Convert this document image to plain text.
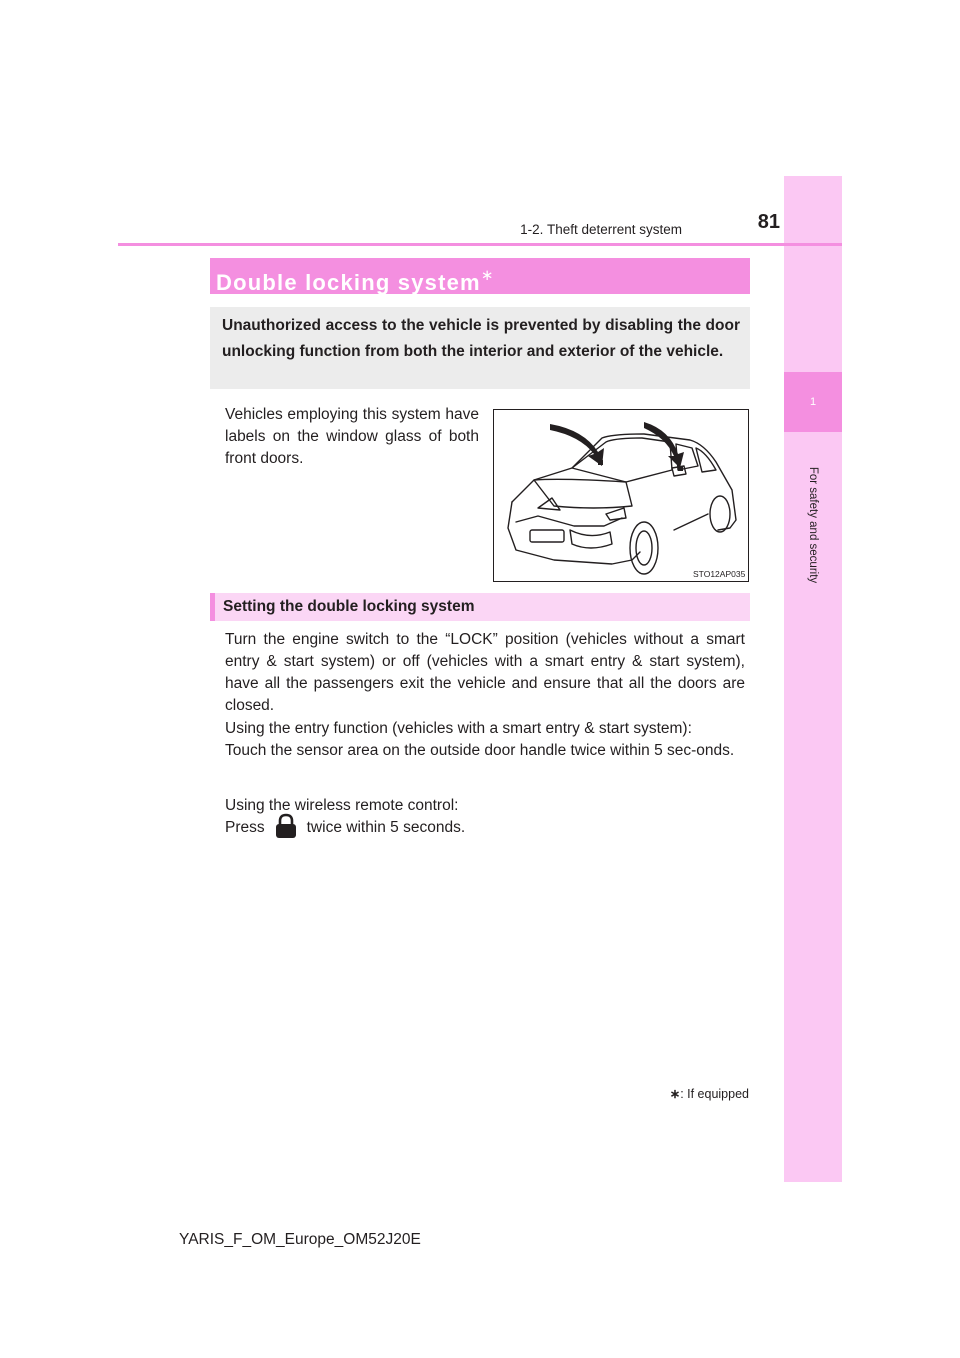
1
For safety and security
1-2. Theft deterrent system	81
Double locking system∗
Unauthorized access to the vehicle is prevented by disabling the door unlocking function from both the interior and exterior of the vehicle.
Vehicles employing this system have labels on the window glass of both front doors.
STO12AP035
Setting the double locking system
Turn the engine switch to the “LOCK” position (vehicles without a smart entry & start system) or off (vehicles with a smart entry & start system), have all the passengers exit the vehicle and ensure that all the doors are closed.
Using the entry function (vehicles with a smart entry & start system):
Touch the sensor area on the outside door handle twice within 5 sec-onds.
Using the wireless remote control:
Press	twice within 5 seconds.
∗: If equipped
YARIS_F_OM_Europe_OM52J20E
